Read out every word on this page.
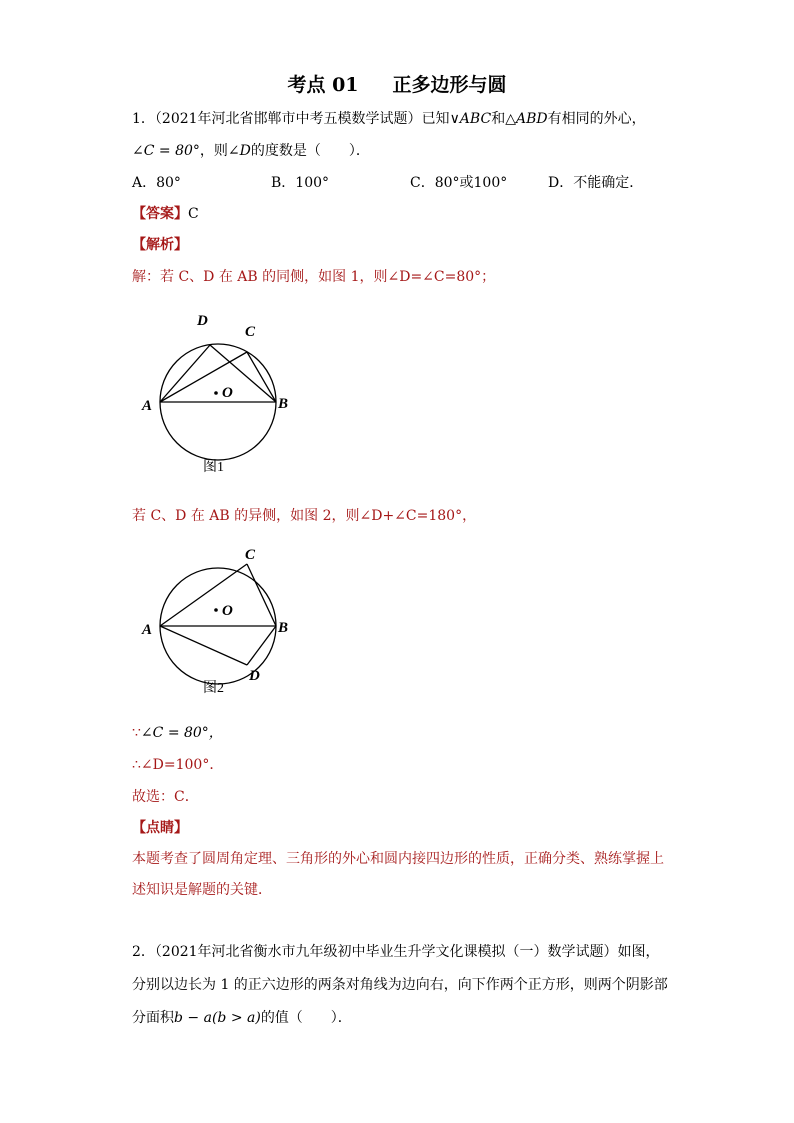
考点 01 正多边形与圆
1．（2021年河北省邯郸市中考五模数学试题）已知∨ABC和△ABD有相同的外心，
∠C = 80°，则∠D的度数是（　　）．
A．80°	B．100°	C．80°或100°	D．不能确定．
【答案】C
【解析】
解：若 C、D 在 AB 的同侧，如图 1，则∠D=∠C=80°；
O
A	B
C
D
图1
若 C、D 在 AB 的异侧，如图 2，则∠D+∠C=180°，
O
A	B
C
D
图2
∵∠C = 80°，
∴∠D=100°．
故选：C．
【点睛】
本题考查了圆周角定理、三角形的外心和圆内接四边形的性质，正确分类、熟练掌握上
述知识是解题的关键．
2．（2021年河北省衡水市九年级初中毕业生升学文化课模拟（一）数学试题）如图，
分别以边长为 1 的正六边形的两条对角线为边向右，向下作两个正方形，则两个阴影部
分面积b − a(b > a)的值（　　）．
